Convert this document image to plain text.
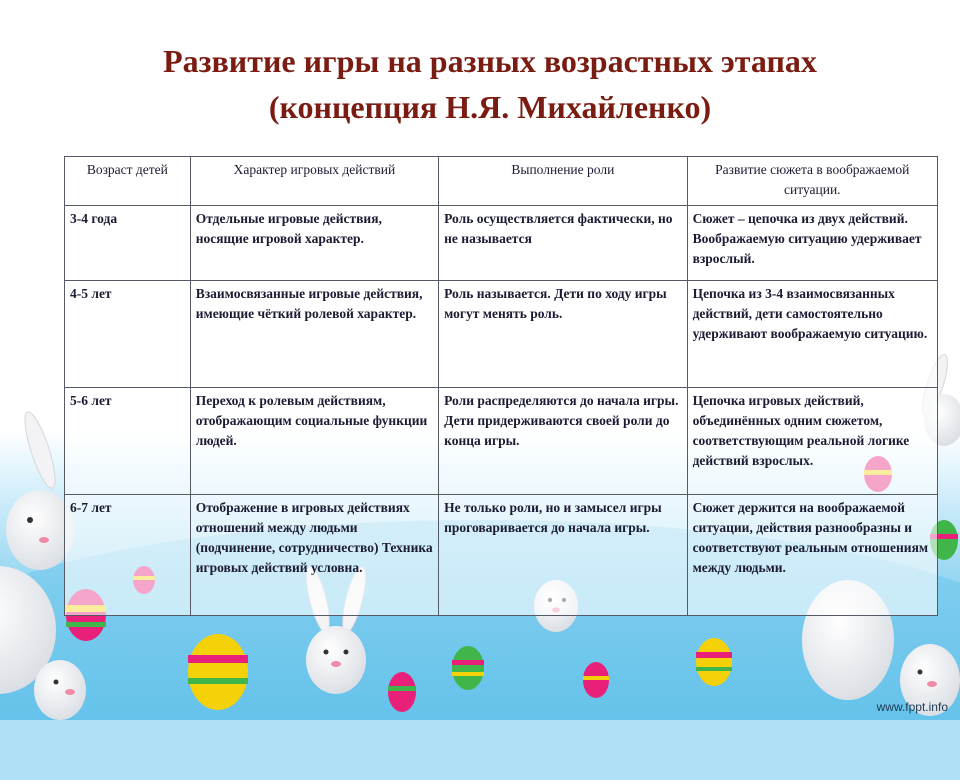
Развитие игры на разных возрастных этапах
(концепция Н.Я. Михайленко)
Возраст детей	Характер игровых действий	Выполнение роли	Развитие сюжета в воображаемой ситуации.
3-4 года	Отдельные игровые действия, носящие игровой характер.	Роль осуществляется фактически, но не называется	Сюжет – цепочка из двух действий. Воображаемую ситуацию удерживает взрослый.
4-5 лет	Взаимосвязанные игровые действия, имеющие чёткий ролевой характер.	Роль называется. Дети по ходу игры могут менять роль.	Цепочка из 3-4 взаимосвязанных действий, дети самостоятельно удерживают воображаемую ситуацию.
5-6 лет	Переход к ролевым действиям, отображающим социальные функции людей.	Роли распределяются до начала игры. Дети придерживаются своей роли до конца игры.	Цепочка игровых действий, объединённых одним сюжетом, соответствующим реальной логике действий взрослых.
6-7 лет	Отображение в игровых действиях отношений между людьми (подчинение, сотрудничество) Техника игровых действий условна.	Не только роли, но и замысел игры проговаривается до начала игры.	Сюжет держится на воображаемой ситуации, действия разнообразны и соответствуют реальным отношениям между людьми.
www.fppt.info
